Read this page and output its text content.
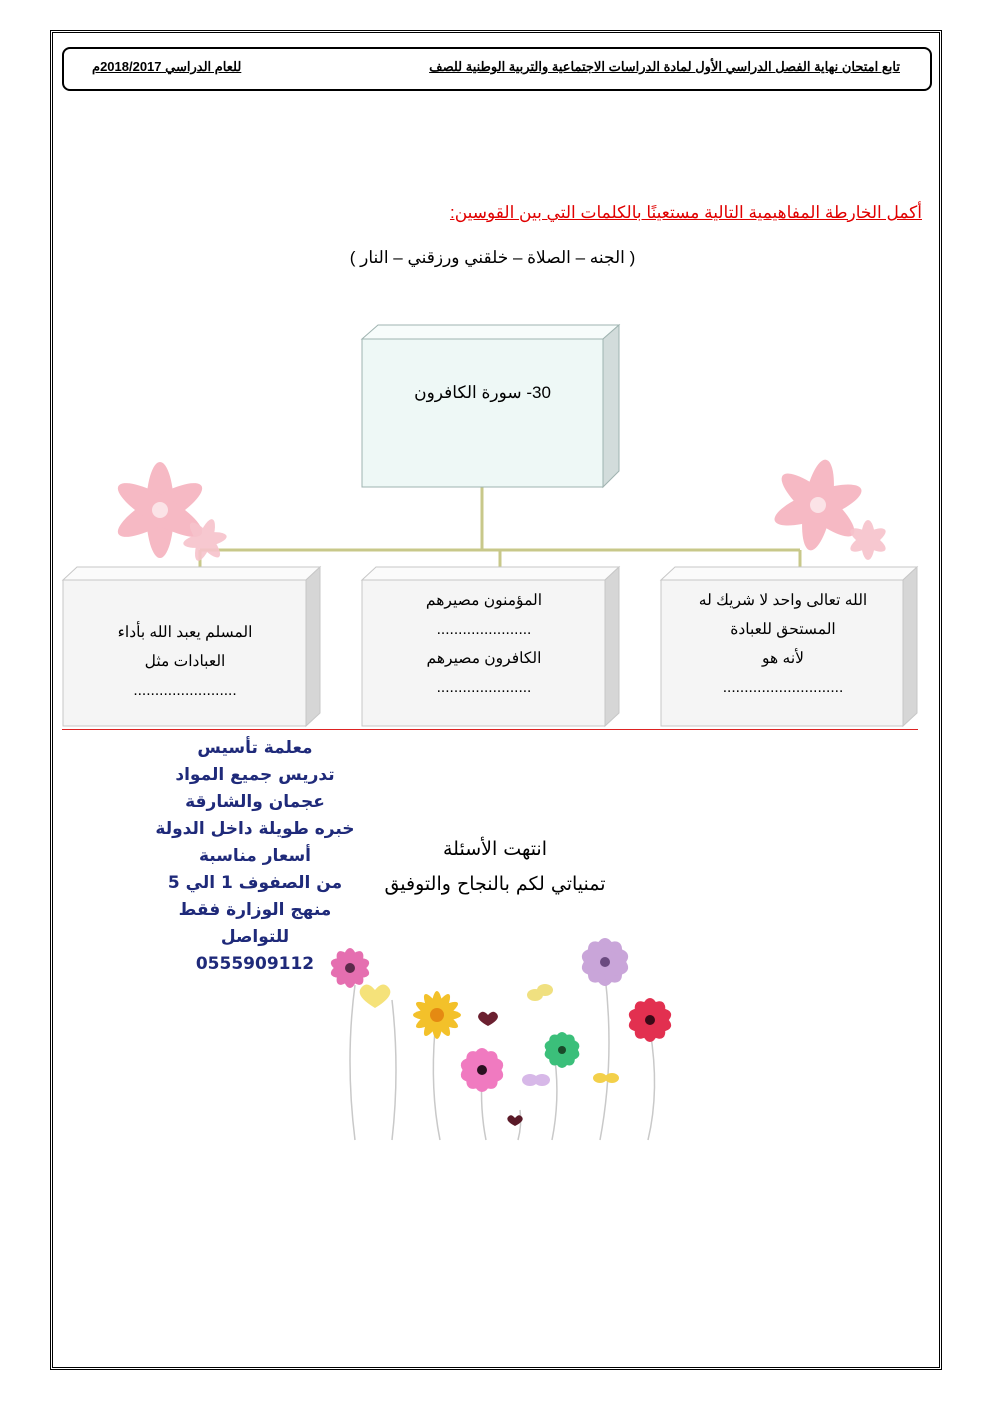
تابع امتحان نهاية الفصل الدراسي الأول لمادة الدراسات الاجتماعية والتربية الوطنية للصف
للعام الدراسي 2018/2017م
أكمل الخارطة المفاهيمية التالية مستعينًا بالكلمات التي بين القوسين:
( الجنه – الصلاة – خلقني ورزقني – النار )
30- سورة الكافرون
الله تعالى واحد لا شريك له
المستحق للعبادة
لأنه هو
............................
المؤمنون مصيرهم
......................
الكافرون مصيرهم
......................
المسلم يعبد الله بأداء
العبادات مثل
........................
معلمة تأسيس
تدريس جميع المواد
عجمان والشارقة
خبره طويلة داخل الدولة
أسعار مناسبة
من الصفوف 1 الي 5
منهج الوزارة فقط
للتواصل
0555909112
انتهت الأسئلة
تمنياتي لكم بالنجاح والتوفيق
